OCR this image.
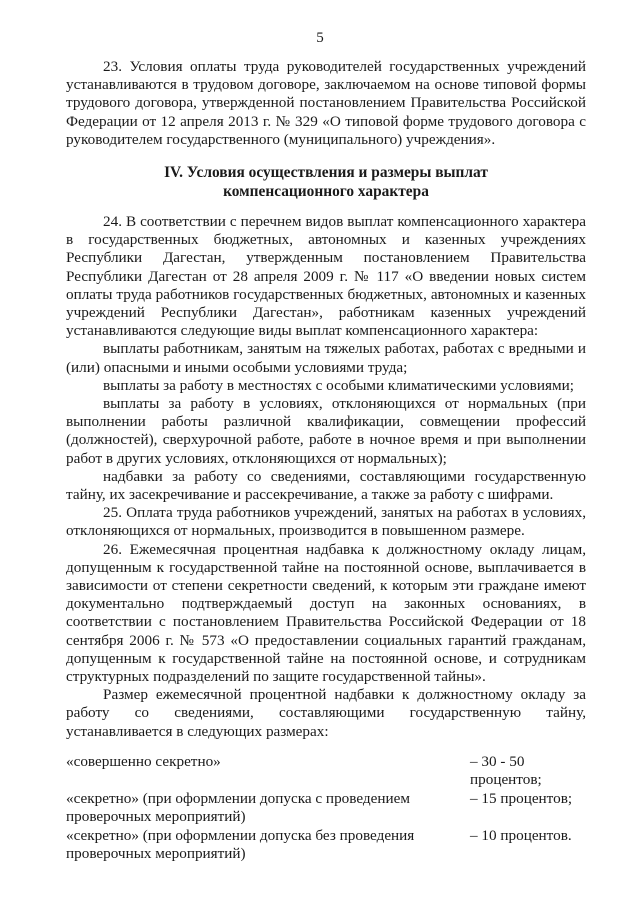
5

23. Условия оплаты труда руководителей государственных учреждений устанавливаются в трудовом договоре, заключаемом на основе типовой формы трудового договора, утвержденной постановлением Правительства Российской Федерации от 12 апреля 2013 г. № 329 «О типовой форме трудового договора с руководителем государственного (муниципального) учреждения».

IV. Условия осуществления и размеры выплат

компенсационного характера

24. В соответствии с перечнем видов выплат компенсационного характера в государственных бюджетных, автономных и казенных учреждениях Республики Дагестан, утвержденным постановлением Правительства Республики Дагестан от 28 апреля 2009 г. № 117 «О введении новых систем оплаты труда работников государственных бюджетных, автономных и казенных учреждений Республики Дагестан», работникам казенных учреждений устанавливаются следующие виды выплат компенсационного характера:

выплаты работникам, занятым на тяжелых работах, работах с вредными и (или) опасными и иными особыми условиями труда;

выплаты за работу в местностях с особыми климатическими условиями;

выплаты за работу в условиях, отклоняющихся от нормальных (при выполнении работы различной квалификации, совмещении профессий (должностей), сверхурочной работе, работе в ночное время и при выполнении работ в других условиях, отклоняющихся от нормальных);

надбавки за работу со сведениями, составляющими государственную тайну, их засекречивание и рассекречивание, а также за работу с шифрами.

25. Оплата труда работников учреждений, занятых на работах в условиях, отклоняющихся от нормальных, производится в повышенном размере.

26. Ежемесячная процентная надбавка к должностному окладу лицам, допущенным к государственной тайне на постоянной основе, выплачивается в зависимости от степени секретности сведений, к которым эти граждане имеют документально подтверждаемый доступ на законных основаниях, в соответствии с постановлением Правительства Российской Федерации от 18 сентября 2006 г. № 573 «О предоставлении социальных гарантий гражданам, допущенным к государственной тайне на постоянной основе, и сотрудникам структурных подразделений по защите государственной тайны».

Размер ежемесячной процентной надбавки к должностному окладу за работу со сведениями, составляющими государственную тайну, устанавливается в следующих размерах:

«совершенно секретно»	– 30 - 50 процентов;
«секретно» (при оформлении допуска с проведением проверочных мероприятий)
– 15 процентов;
«секретно» (при оформлении допуска без проведения проверочных мероприятий)
– 10 процентов.
